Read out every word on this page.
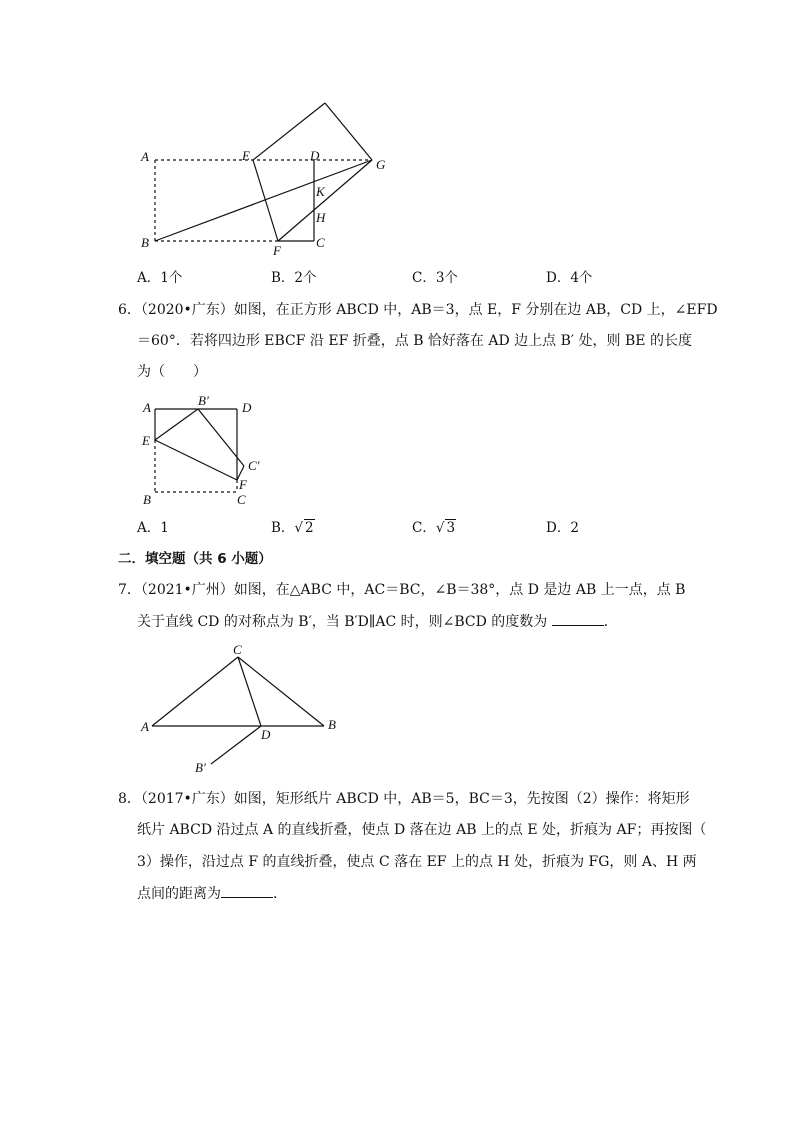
A	E	D
G
K
H
B
F
C
A．1个	B．2个	C．3个	D．4个
6．（2020•广东）如图，在正方形 ABCD 中，AB＝3，点 E，F 分别在边 AB，CD 上，∠EFD
＝60°．若将四边形 EBCF 沿 EF 折叠，点 B 恰好落在 AD 边上点 B′ 处，则 BE 的长度
为（　　）
A	B′	D
E
C′
F
B	C
A．1	B．√ 2	C．√ 3	D．2
二．填空题（共 6 小题）
7．（2021•广州）如图，在△ABC 中，AC＝BC，∠B＝38°，点 D 是边 AB 上一点，点 B
关于直线 CD 的对称点为 B′，当 B′D∥AC 时，则∠BCD 的度数为	．
C
A
D
B
B′
8．（2017•广东）如图，矩形纸片 ABCD 中，AB＝5，BC＝3，先按图（2）操作：将矩形
纸片 ABCD 沿过点 A 的直线折叠，使点 D 落在边 AB 上的点 E 处，折痕为 AF；再按图（
3）操作，沿过点 F 的直线折叠，使点 C 落在 EF 上的点 H 处，折痕为 FG，则 A、H 两
点间的距离为	．
